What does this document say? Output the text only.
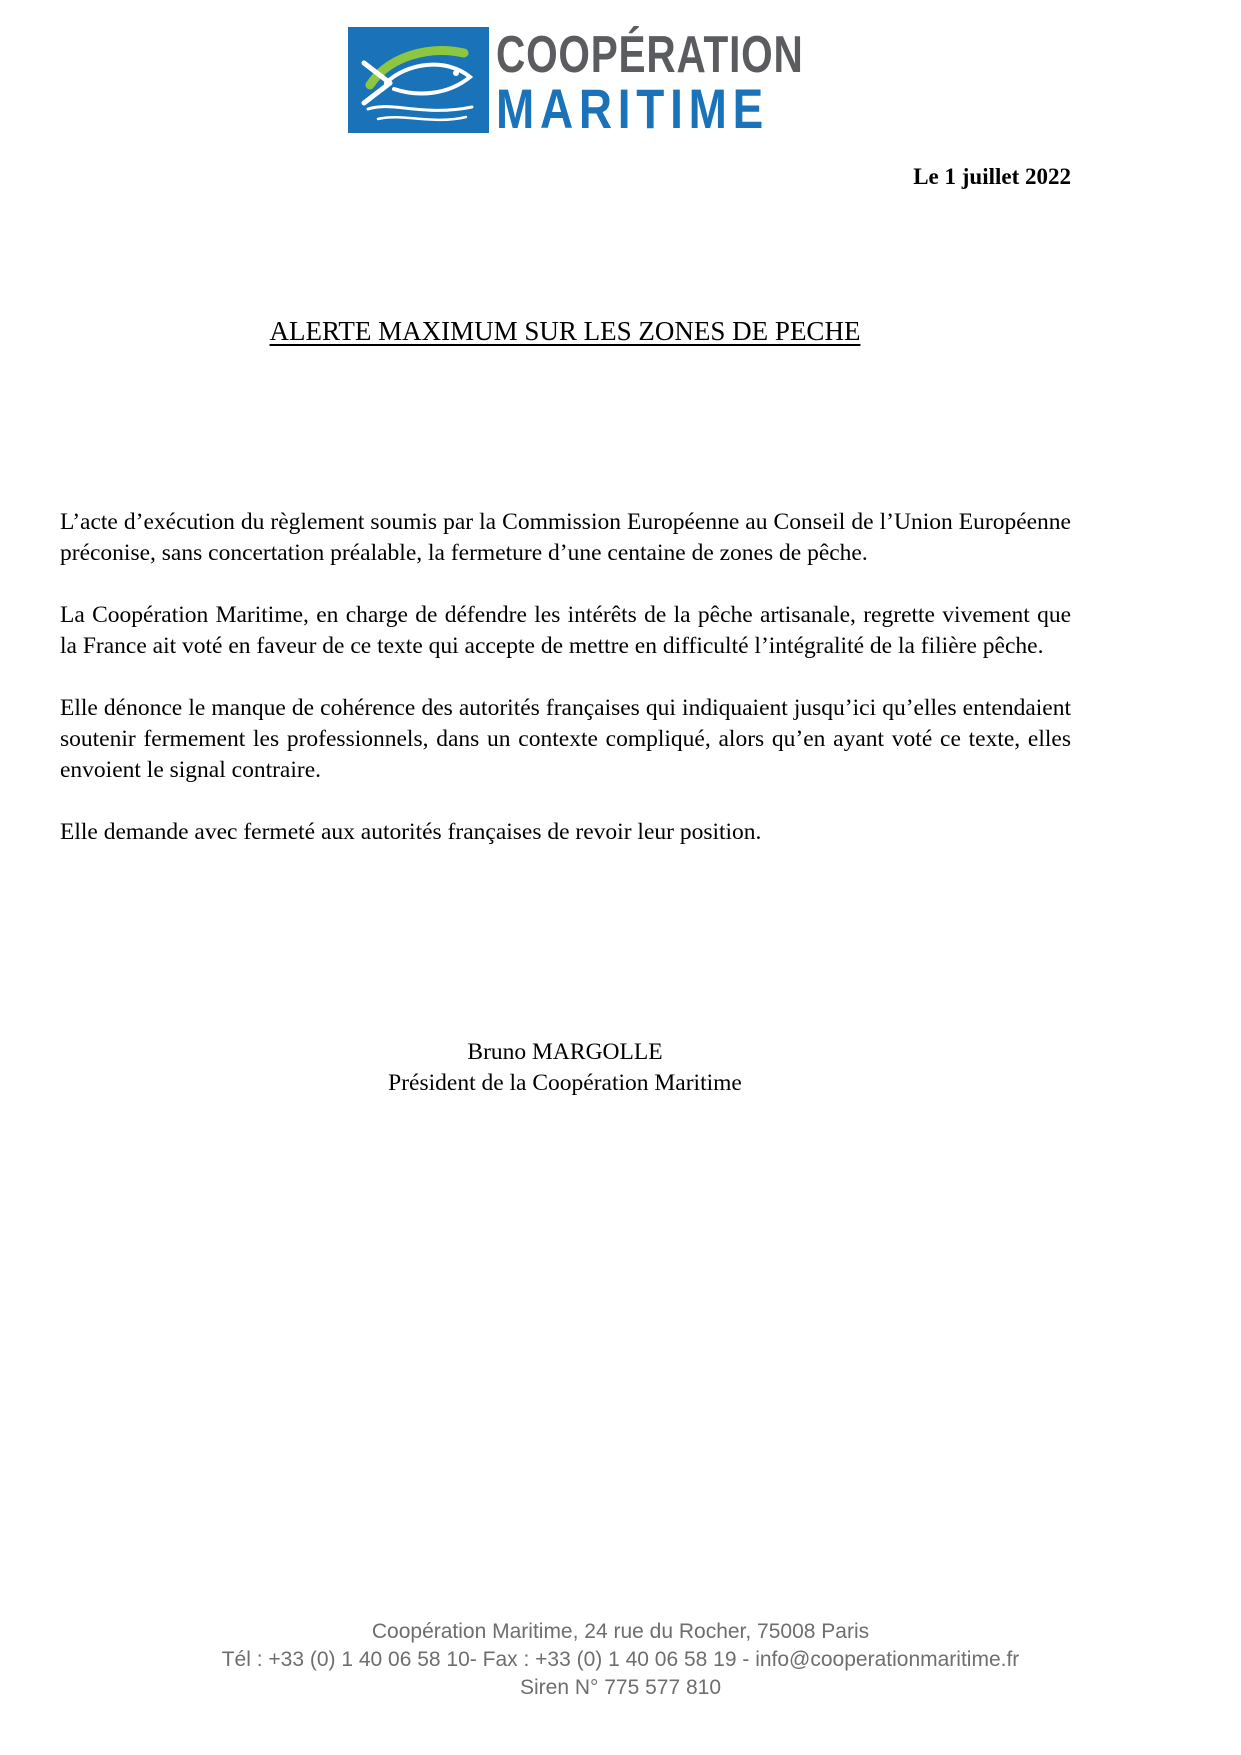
COOPÉRATION
MARITIME
Le 1 juillet 2022
ALERTE MAXIMUM SUR LES ZONES DE PECHE

L’acte d’exécution du règlement soumis par la Commission Européenne au Conseil de l’Union Européenne préconise, sans concertation préalable, la fermeture d’une centaine de zones de pêche.

La Coopération Maritime, en charge de défendre les intérêts de la pêche artisanale, regrette vivement que la France ait voté en faveur de ce texte qui accepte de mettre en difficulté l’intégralité de la filière pêche.

Elle dénonce le manque de cohérence des autorités françaises qui indiquaient jusqu’ici qu’elles entendaient soutenir fermement les professionnels, dans un contexte compliqué, alors qu’en ayant voté ce texte, elles envoient le signal contraire.

Elle demande avec fermeté aux autorités françaises de revoir leur position.

Bruno MARGOLLE
Président de la Coopération Maritime
Coopération Maritime, 24 rue du Rocher, 75008 Paris
Tél : +33 (0) 1 40 06 58 10- Fax : +33 (0) 1 40 06 58 19 - info@cooperationmaritime.fr
Siren N° 775 577 810
